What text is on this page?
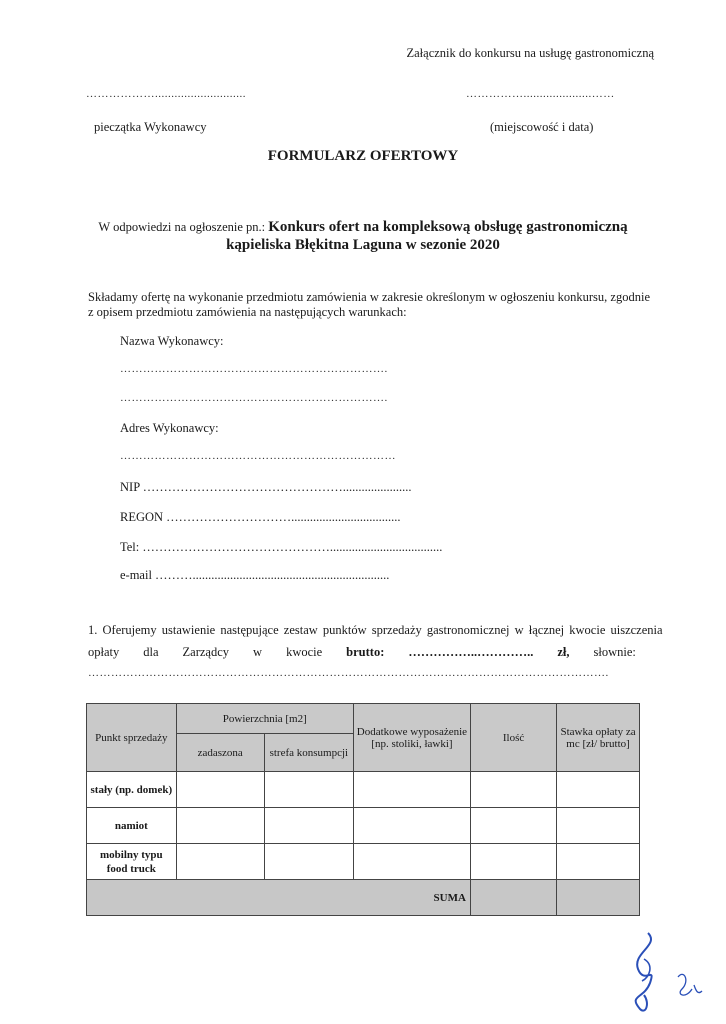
Załącznik do konkursu na usługę gastronomiczną
………………............................	…………….....................……
pieczątka Wykonawcy	(miejscowość i data)
FORMULARZ OFERTOWY
W odpowiedzi na ogłoszenie pn.: Konkurs ofert na kompleksową obsługę gastronomiczną
kąpieliska Błękitna Laguna w sezonie 2020
Składamy ofertę na wykonanie przedmiotu zamówienia w zakresie określonym w ogłoszeniu konkursu, zgodnie
z opisem przedmiotu zamówienia na następujących warunkach:
Nazwa Wykonawcy:
…………………………………………………………….
…………………………………………………………….
Adres Wykonawcy:
………………………………………………………………
NIP …………………………………………......................
REGON …………………………...................................
Tel: ………………………………………....................................
e-mail ………...............................................................
1. Oferujemy ustawienie następujące zestaw punktów sprzedaży gastronomicznej w łącznej kwocie uiszczenia
opłaty dla Zarządcy w kwocie brutto: ……………..………….. zł, słownie:
……………………………………………………………………………………………………………………….
Punkt sprzedaży	Powierzchnia [m2]		Dodatkowe wyposażenie
[np. stoliki, ławki]	Ilość	Stawka opłaty za
mc [zł/ brutto]
	zadaszona	strefa konsumpcji			
stały (np. domek)					
namiot					
mobilny typu food truck					
SUMA					
